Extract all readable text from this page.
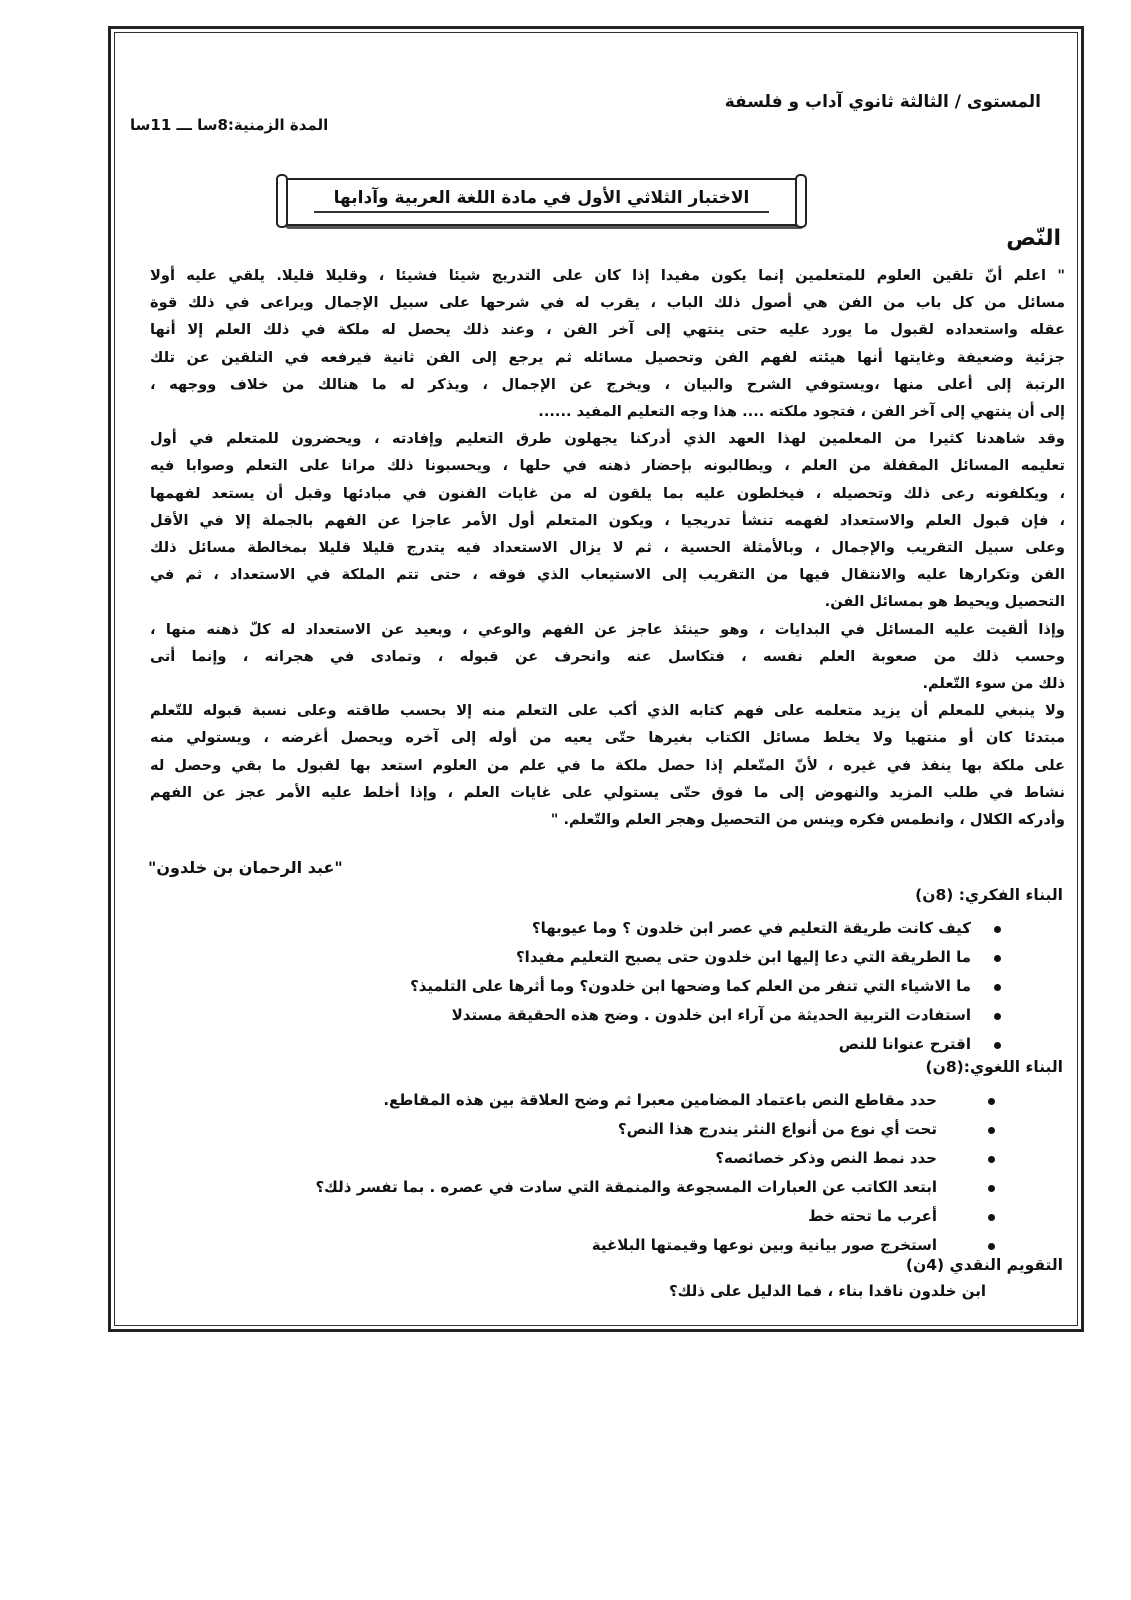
المستوى / الثالثة ثانوي آداب و فلسفة
المدة الزمنية:8سا ـــ 11سا
الاختبار الثلاثي الأول في مادة اللغة العربية وآدابها
النّص
" اعلم أنّ تلقين العلوم للمتعلمين إنما يكون مفيدا إذا كان على التدريج شيئا فشيئا ، وقليلا قليلا. يلقي عليه أولا
مسائل من كل باب من الفن هي أصول ذلك الباب ، يقرب له في شرحها على سبيل الإجمال ويراعى في ذلك قوة
عقله واستعداده لقبول ما يورد عليه حتى ينتهي إلى آخر الفن ، وعند ذلك يحصل له ملكة في ذلك العلم إلا أنها
جزئية وضعيفة وغايتها أنها هيئته لفهم الفن وتحصيل مسائله ثم يرجع إلى الفن ثانية فيرفعه في التلقين عن تلك
الرتبة إلى أعلى منها ،ويستوفي الشرح والبيان ، ويخرج عن الإجمال ، ويذكر له ما هنالك من خلاف ووجهه ،
إلى أن ينتهي إلى آخر الفن ، فتجود ملكته .... هذا وجه التعليم المفيد ......
وقد شاهدنا كثيرا من المعلمين لهذا العهد الذي أدركنا يجهلون طرق التعليم وإفادته ، ويحضرون للمتعلم في أول
تعليمه المسائل المقفلة من العلم ، ويطالبونه بإحضار ذهنه في حلها ، ويحسبونا ذلك مرانا على التعلم وصوابا فيه
، ويكلفونه رعى ذلك وتحصيله ، فيخلطون عليه بما يلقون له من غايات الفنون في مبادئها وقبل أن يستعد لفهمها
، فإن قبول العلم والاستعداد لفهمه تنشأ تدريجيا ، ويكون المتعلم أول الأمر عاجزا عن الفهم بالجملة إلا في الأقل
وعلى سبيل التقريب والإجمال ، وبالأمثلة الحسية ، ثم لا يزال الاستعداد فيه يتدرج قليلا قليلا بمخالطة مسائل ذلك
الفن وتكرارها عليه والانتقال فيها من التقريب إلى الاستيعاب الذي فوقه ، حتى تتم الملكة في الاستعداد ، ثم في
التحصيل ويحيط هو بمسائل الفن.
وإذا ألقيت عليه المسائل في البدايات ، وهو حينئذ عاجز عن الفهم والوعي ، وبعيد عن الاستعداد له كلّ ذهنه منها ،
وحسب ذلك من صعوبة العلم نفسه ، فتكاسل عنه وانحرف عن قبوله ، وتمادى في هجرانه ، وإنما أتى
ذلك من سوء التّعلم.
ولا ينبغي للمعلم أن يزيد متعلمه على فهم كتابه الذي أكب على التعلم منه إلا بحسب طاقته وعلى نسبة قبوله للتّعلم
مبتدئا كان أو منتهيا ولا يخلط مسائل الكتاب بغيرها حتّى يعيه من أوله إلى آخره ويحصل أغرضه ، ويستولي منه
على ملكة بها ينفذ في غيره ، لأنّ المتّعلم إذا حصل ملكة ما في علم من العلوم استعد بها لقبول ما بقي وحصل له
نشاط في طلب المزيد والنهوض إلى ما فوق حتّى يستولي على غايات العلم ، وإذا أخلط عليه الأمر عجز عن الفهم
وأدركه الكلال ، وانطمس فكره وينس من التحصيل وهجر العلم والتّعلم. "
"عبد الرحمان بن خلدون"
البناء الفكري: (8ن)
كيف كانت طريقة التعليم في عصر ابن خلدون ؟ وما عيوبها؟
ما الطريقة التي دعا إليها ابن خلدون حتى يصبح التعليم مفيدا؟
ما الاشياء التي تنفر من العلم كما وضحها ابن خلدون؟ وما أثرها على التلميذ؟
استفادت التربية الحديثة من آراء ابن خلدون . وضح هذه الحقيقة مستدلا
اقترح عنوانا للنص
البناء اللغوي:(8ن)
حدد مقاطع النص باعتماد المضامين معبرا ثم وضح العلاقة بين هذه المقاطع.
تحت أي نوع من أنواع النثر يندرج هذا النص؟
حدد نمط النص وذكر خصائصه؟
ابتعد الكاتب عن العبارات المسجوعة والمنمقة التي سادت في عصره . بما تفسر ذلك؟
أعرب ما تحته خط
استخرج صور بيانية وبين نوعها وقيمتها البلاغية
التقويم النقدي (4ن)
ابن خلدون ناقدا بناء ، فما الدليل على ذلك؟
